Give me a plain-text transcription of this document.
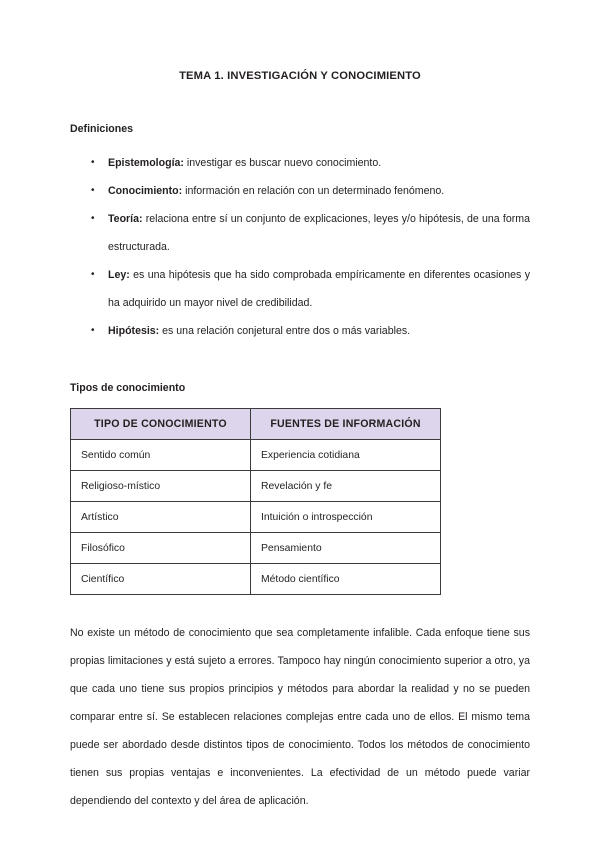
TEMA 1. INVESTIGACIÓN Y CONOCIMIENTO
Definiciones
• Epistemología: investigar es buscar nuevo conocimiento.
• Conocimiento: información en relación con un determinado fenómeno.
• Teoría: relaciona entre sí un conjunto de explicaciones, leyes y/o hipótesis, de una forma estructurada.
• Ley: es una hipótesis que ha sido comprobada empíricamente en diferentes ocasiones y ha adquirido un mayor nivel de credibilidad.
• Hipótesis: es una relación conjetural entre dos o más variables.
Tipos de conocimiento
TIPO DE CONOCIMIENTO	FUENTES DE INFORMACIÓN
Sentido común	Experiencia cotidiana
Religioso-místico	Revelación y fe
Artístico	Intuición o introspección
Filosófico	Pensamiento
Científico	Método científico

No existe un método de conocimiento que sea completamente infalible. Cada enfoque tiene sus propias limitaciones y está sujeto a errores. Tampoco hay ningún conocimiento superior a otro, ya que cada uno tiene sus propios principios y métodos para abordar la realidad y no se pueden comparar entre sí. Se establecen relaciones complejas entre cada uno de ellos. El mismo tema puede ser abordado desde distintos tipos de conocimiento. Todos los métodos de conocimiento tienen sus propias ventajas e inconvenientes. La efectividad de un método puede variar dependiendo del contexto y del área de aplicación.
